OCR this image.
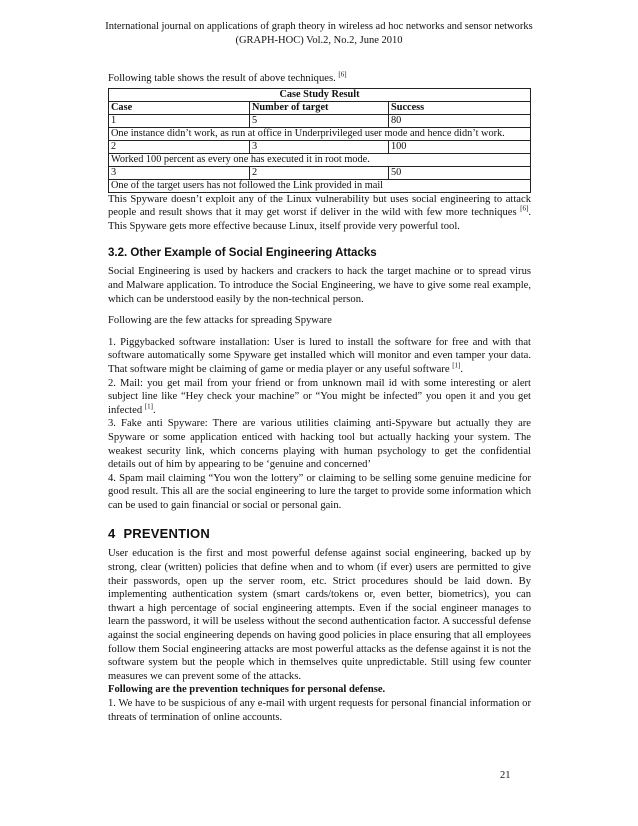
International journal on applications of graph theory in wireless ad hoc networks and sensor networks
(GRAPH-HOC) Vol.2, No.2, June 2010

Following table shows the result of above techniques. [6]

Case Study Result		
Case	Number of target	Success
1	5	80
One instance didn’t work, as run at office in Underprivileged user mode and hence didn’t work.		
2	3	100
Worked 100 percent as every one has executed it in root mode.		
3	2	50
One of the target users has not followed the Link provided in mail		

This Spyware doesn’t exploit any of the Linux vulnerability but uses social engineering to attack people and result shows that it may get worst if deliver in the wild with few more techniques [6]. This Spyware gets more effective because Linux, itself provide very powerful tool.

3.2. Other Example of Social Engineering Attacks

Social Engineering is used by hackers and crackers to hack the target machine or to spread virus and Malware application. To introduce the Social Engineering, we have to give some real example, which can be understood easily by the non-technical person.

Following are the few attacks for spreading Spyware

1. Piggybacked software installation: User is lured to install the software for free and with that software automatically some Spyware get installed which will monitor and even tamper your data. That software might be claiming of game or media player or any useful software [1].

2. Mail: you get mail from your friend or from unknown mail id with some interesting or alert subject line like “Hey check your machine” or “You might be infected” you open it and you get infected [1].

3. Fake anti Spyware: There are various utilities claiming anti-Spyware but actually they are Spyware or some application enticed with hacking tool but actually hacking your system. The weakest security link, which concerns playing with human psychology to get the confidential details out of him by appearing to be ‘genuine and concerned’

4. Spam mail claiming “You won the lottery” or claiming to be selling some genuine medicine for good result. This all are the social engineering to lure the target to provide some information which can be used to gain financial or social or personal gain.

4 PREVENTION

User education is the first and most powerful defense against social engineering, backed up by strong, clear (written) policies that define when and to whom (if ever) users are permitted to give their passwords, open up the server room, etc. Strict procedures should be laid down. By implementing authentication system (smart cards/tokens or, even better, biometrics), you can thwart a high percentage of social engineering attempts. Even if the social engineer manages to learn the password, it will be useless without the second authentication factor. A successful defense against the social engineering depends on having good policies in place ensuring that all employees follow them Social engineering attacks are most powerful attacks as the defense against it is not the software system but the people which in themselves quite unpredictable. Still using few counter measures we can prevent some of the attacks.

Following are the prevention techniques for personal defense.

1. We have to be suspicious of any e-mail with urgent requests for personal financial information or threats of termination of online accounts.

21
